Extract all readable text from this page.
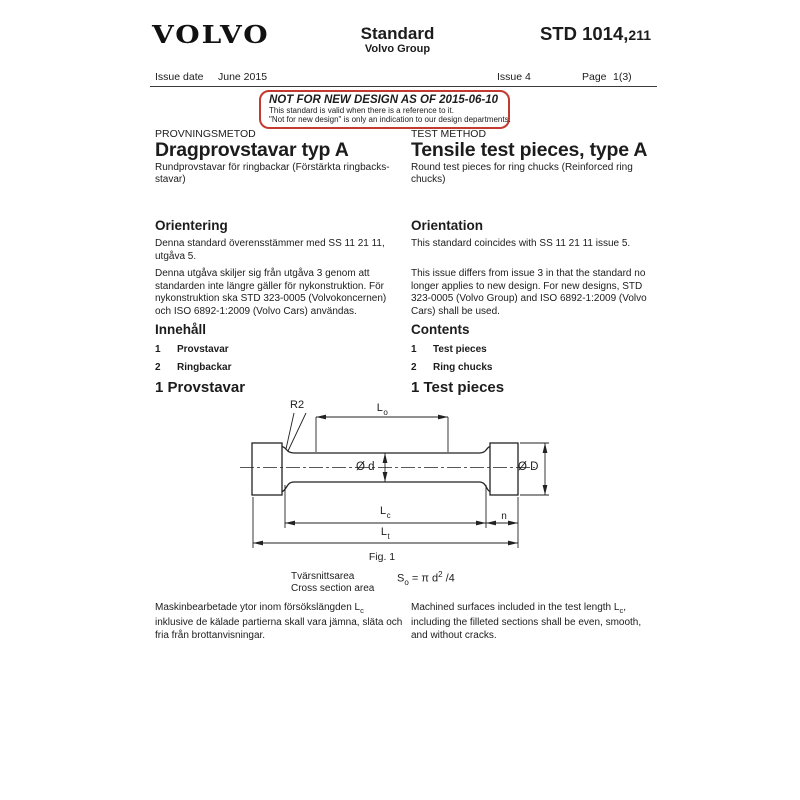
VOLVO	Standard
Volvo Group
STD 1014,211
Issue date June 2015	Issue 4	Page 1(3)
NOT FOR NEW DESIGN AS OF 2015-06-10
This standard is valid when there is a reference to it.
"Not for new design" is only an indication to our design departments.
PROVNINGSMETOD
Dragprovstavar typ A
Rundprovstavar för ringbackar (Förstärkta ringbacks-stavar)
Orientering
Denna standard överensstämmer med SS 11 21 11, utgåva 5.
Denna utgåva skiljer sig från utgåva 3 genom att standarden inte längre gäller för nykonstruktion. För nykonstruktion ska STD 323-0005 (Volvokoncernen) och ISO 6892-1:2009 (Volvo Cars) användas.
Innehåll
1 Provstavar
2 Ringbackar
1 Provstavar
TEST METHOD
Tensile test pieces, type A
Round test pieces for ring chucks (Reinforced ring chucks)
Orientation
This standard coincides with SS 11 21 11 issue 5.
This issue differs from issue 3 in that the standard no longer applies to new design. For new designs, STD 323-0005 (Volvo Group) and ISO 6892-1:2009 (Volvo Cars) shall be used.
Contents
1 Test pieces
2 Ring chucks
1 Test pieces
R2	$L_o$
Ø d	Ø D
$L_c$	n
$L_t$
Fig. 1
Tvärsnittsarea
Cross section area
$S_o = \pi$ $d^2$ /4
Maskinbearbetade ytor inom försökslängden $L_c$ inklusive de kälade partierna skall vara jämna, släta och fria från brottanvisningar.
Machined surfaces included in the test length $L_c$, including the filleted sections shall be even, smooth, and without cracks.
